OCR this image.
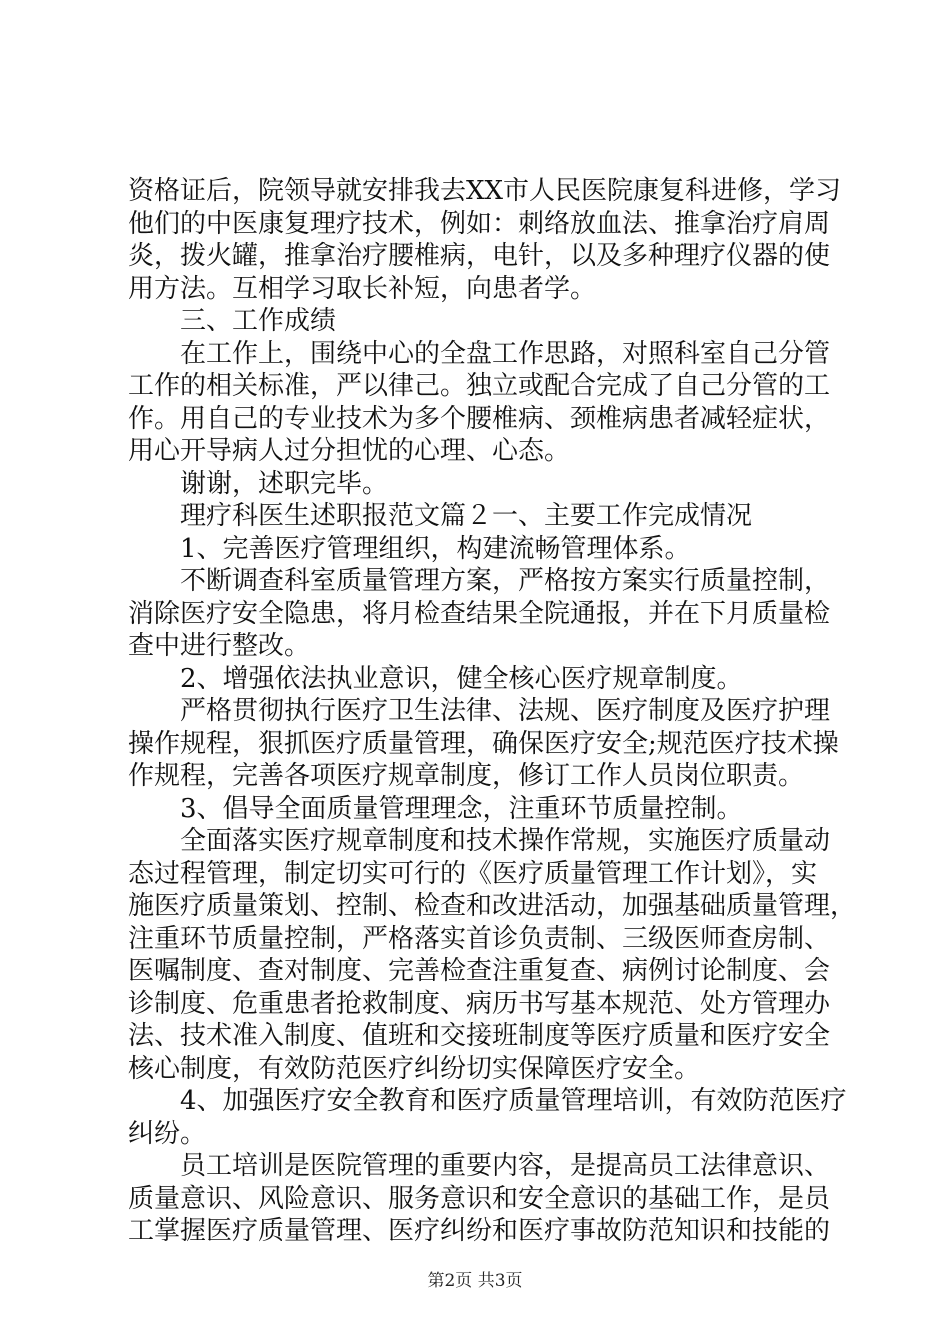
资格证后，院领导就安排我去XX市人民医院康复科进修，学习
他们的中医康复理疗技术，例如：刺络放血法、推拿治疗肩周
炎，拨火罐，推拿治疗腰椎病，电针，以及多种理疗仪器的使
用方法。互相学习取长补短，向患者学。
三、工作成绩
在工作上，围绕中心的全盘工作思路，对照科室自己分管
工作的相关标准，严以律己。独立或配合完成了自己分管的工
作。用自己的专业技术为多个腰椎病、颈椎病患者减轻症状，
用心开导病人过分担忧的心理、心态。
谢谢，述职完毕。
理疗科医生述职报范文篇２一、主要工作完成情况
1、完善医疗管理组织，构建流畅管理体系。
不断调查科室质量管理方案，严格按方案实行质量控制，
消除医疗安全隐患，将月检查结果全院通报，并在下月质量检
查中进行整改。
2、增强依法执业意识，健全核心医疗规章制度。
严格贯彻执行医疗卫生法律、法规、医疗制度及医疗护理
操作规程，狠抓医疗质量管理，确保医疗安全;规范医疗技术操
作规程，完善各项医疗规章制度，修订工作人员岗位职责。
3、倡导全面质量管理理念，注重环节质量控制。
全面落实医疗规章制度和技术操作常规，实施医疗质量动
态过程管理，制定切实可行的《医疗质量管理工作计划》，实
施医疗质量策划、控制、检查和改进活动，加强基础质量管理，
注重环节质量控制，严格落实首诊负责制、三级医师查房制、
医嘱制度、查对制度、完善检查注重复查、病例讨论制度、会
诊制度、危重患者抢救制度、病历书写基本规范、处方管理办
法、技术准入制度、值班和交接班制度等医疗质量和医疗安全
核心制度，有效防范医疗纠纷切实保障医疗安全。
4、加强医疗安全教育和医疗质量管理培训，有效防范医疗
纠纷。
员工培训是医院管理的重要内容，是提高员工法律意识、
质量意识、风险意识、服务意识和安全意识的基础工作，是员
工掌握医疗质量管理、医疗纠纷和医疗事故防范知识和技能的
第2页 共3页
